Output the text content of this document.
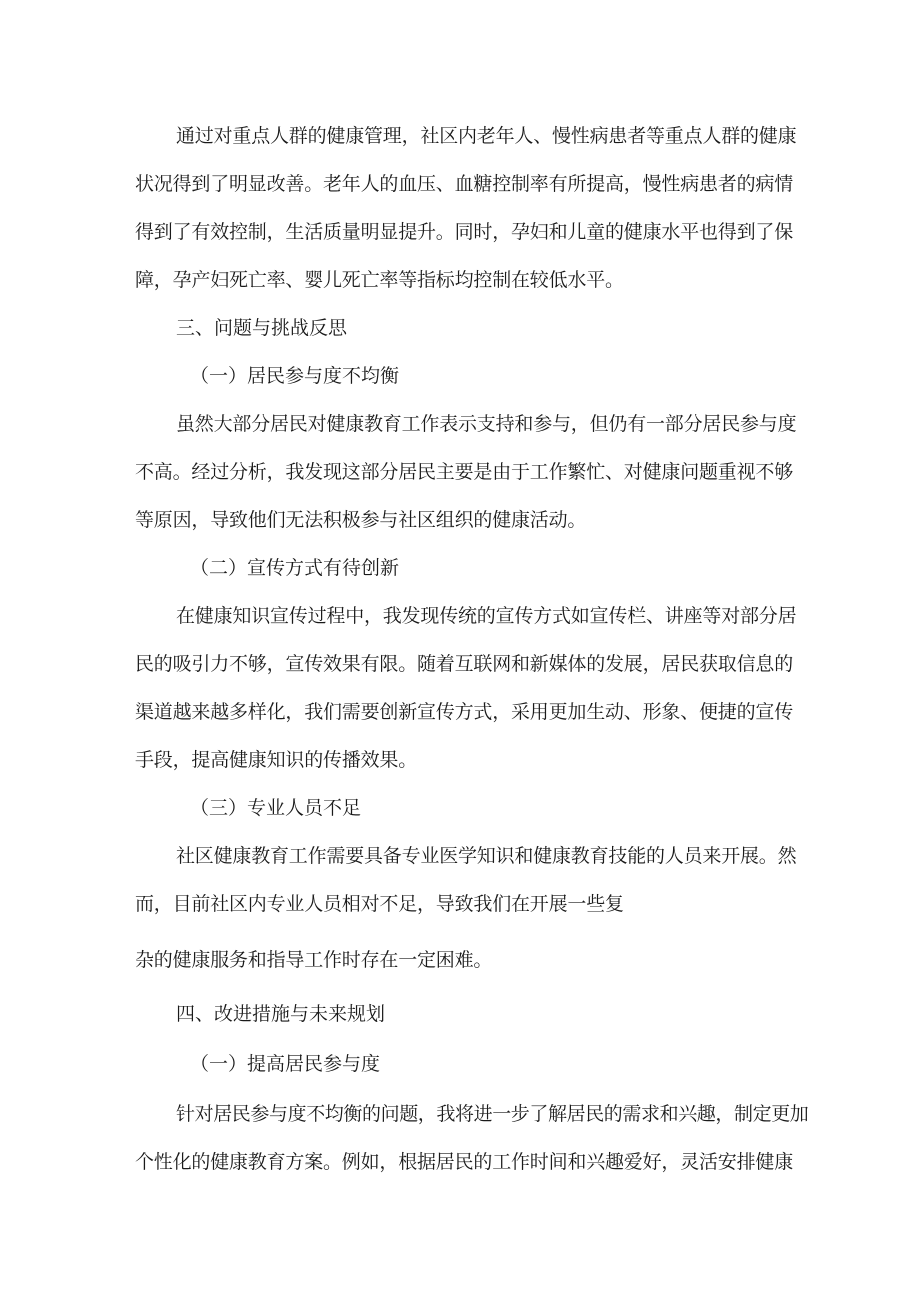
通过对重点人群的健康管理，社区内老年人、慢性病患者等重点人群的健康
状况得到了明显改善。老年人的血压、血糖控制率有所提高，慢性病患者的病情
得到了有效控制，生活质量明显提升。同时，孕妇和儿童的健康水平也得到了保
障，孕产妇死亡率、婴儿死亡率等指标均控制在较低水平。
三、问题与挑战反思
（一）居民参与度不均衡
虽然大部分居民对健康教育工作表示支持和参与，但仍有一部分居民参与度
不高。经过分析，我发现这部分居民主要是由于工作繁忙、对健康问题重视不够
等原因，导致他们无法积极参与社区组织的健康活动。
（二）宣传方式有待创新
在健康知识宣传过程中，我发现传统的宣传方式如宣传栏、讲座等对部分居
民的吸引力不够，宣传效果有限。随着互联网和新媒体的发展，居民获取信息的
渠道越来越多样化，我们需要创新宣传方式，采用更加生动、形象、便捷的宣传
手段，提高健康知识的传播效果。
（三）专业人员不足
社区健康教育工作需要具备专业医学知识和健康教育技能的人员来开展。然
而，目前社区内专业人员相对不足，导致我们在开展一些复
杂的健康服务和指导工作时存在一定困难。
四、改进措施与未来规划
（一）提高居民参与度
针对居民参与度不均衡的问题，我将进一步了解居民的需求和兴趣，制定更加
个性化的健康教育方案。例如，根据居民的工作时间和兴趣爱好，灵活安排健康
